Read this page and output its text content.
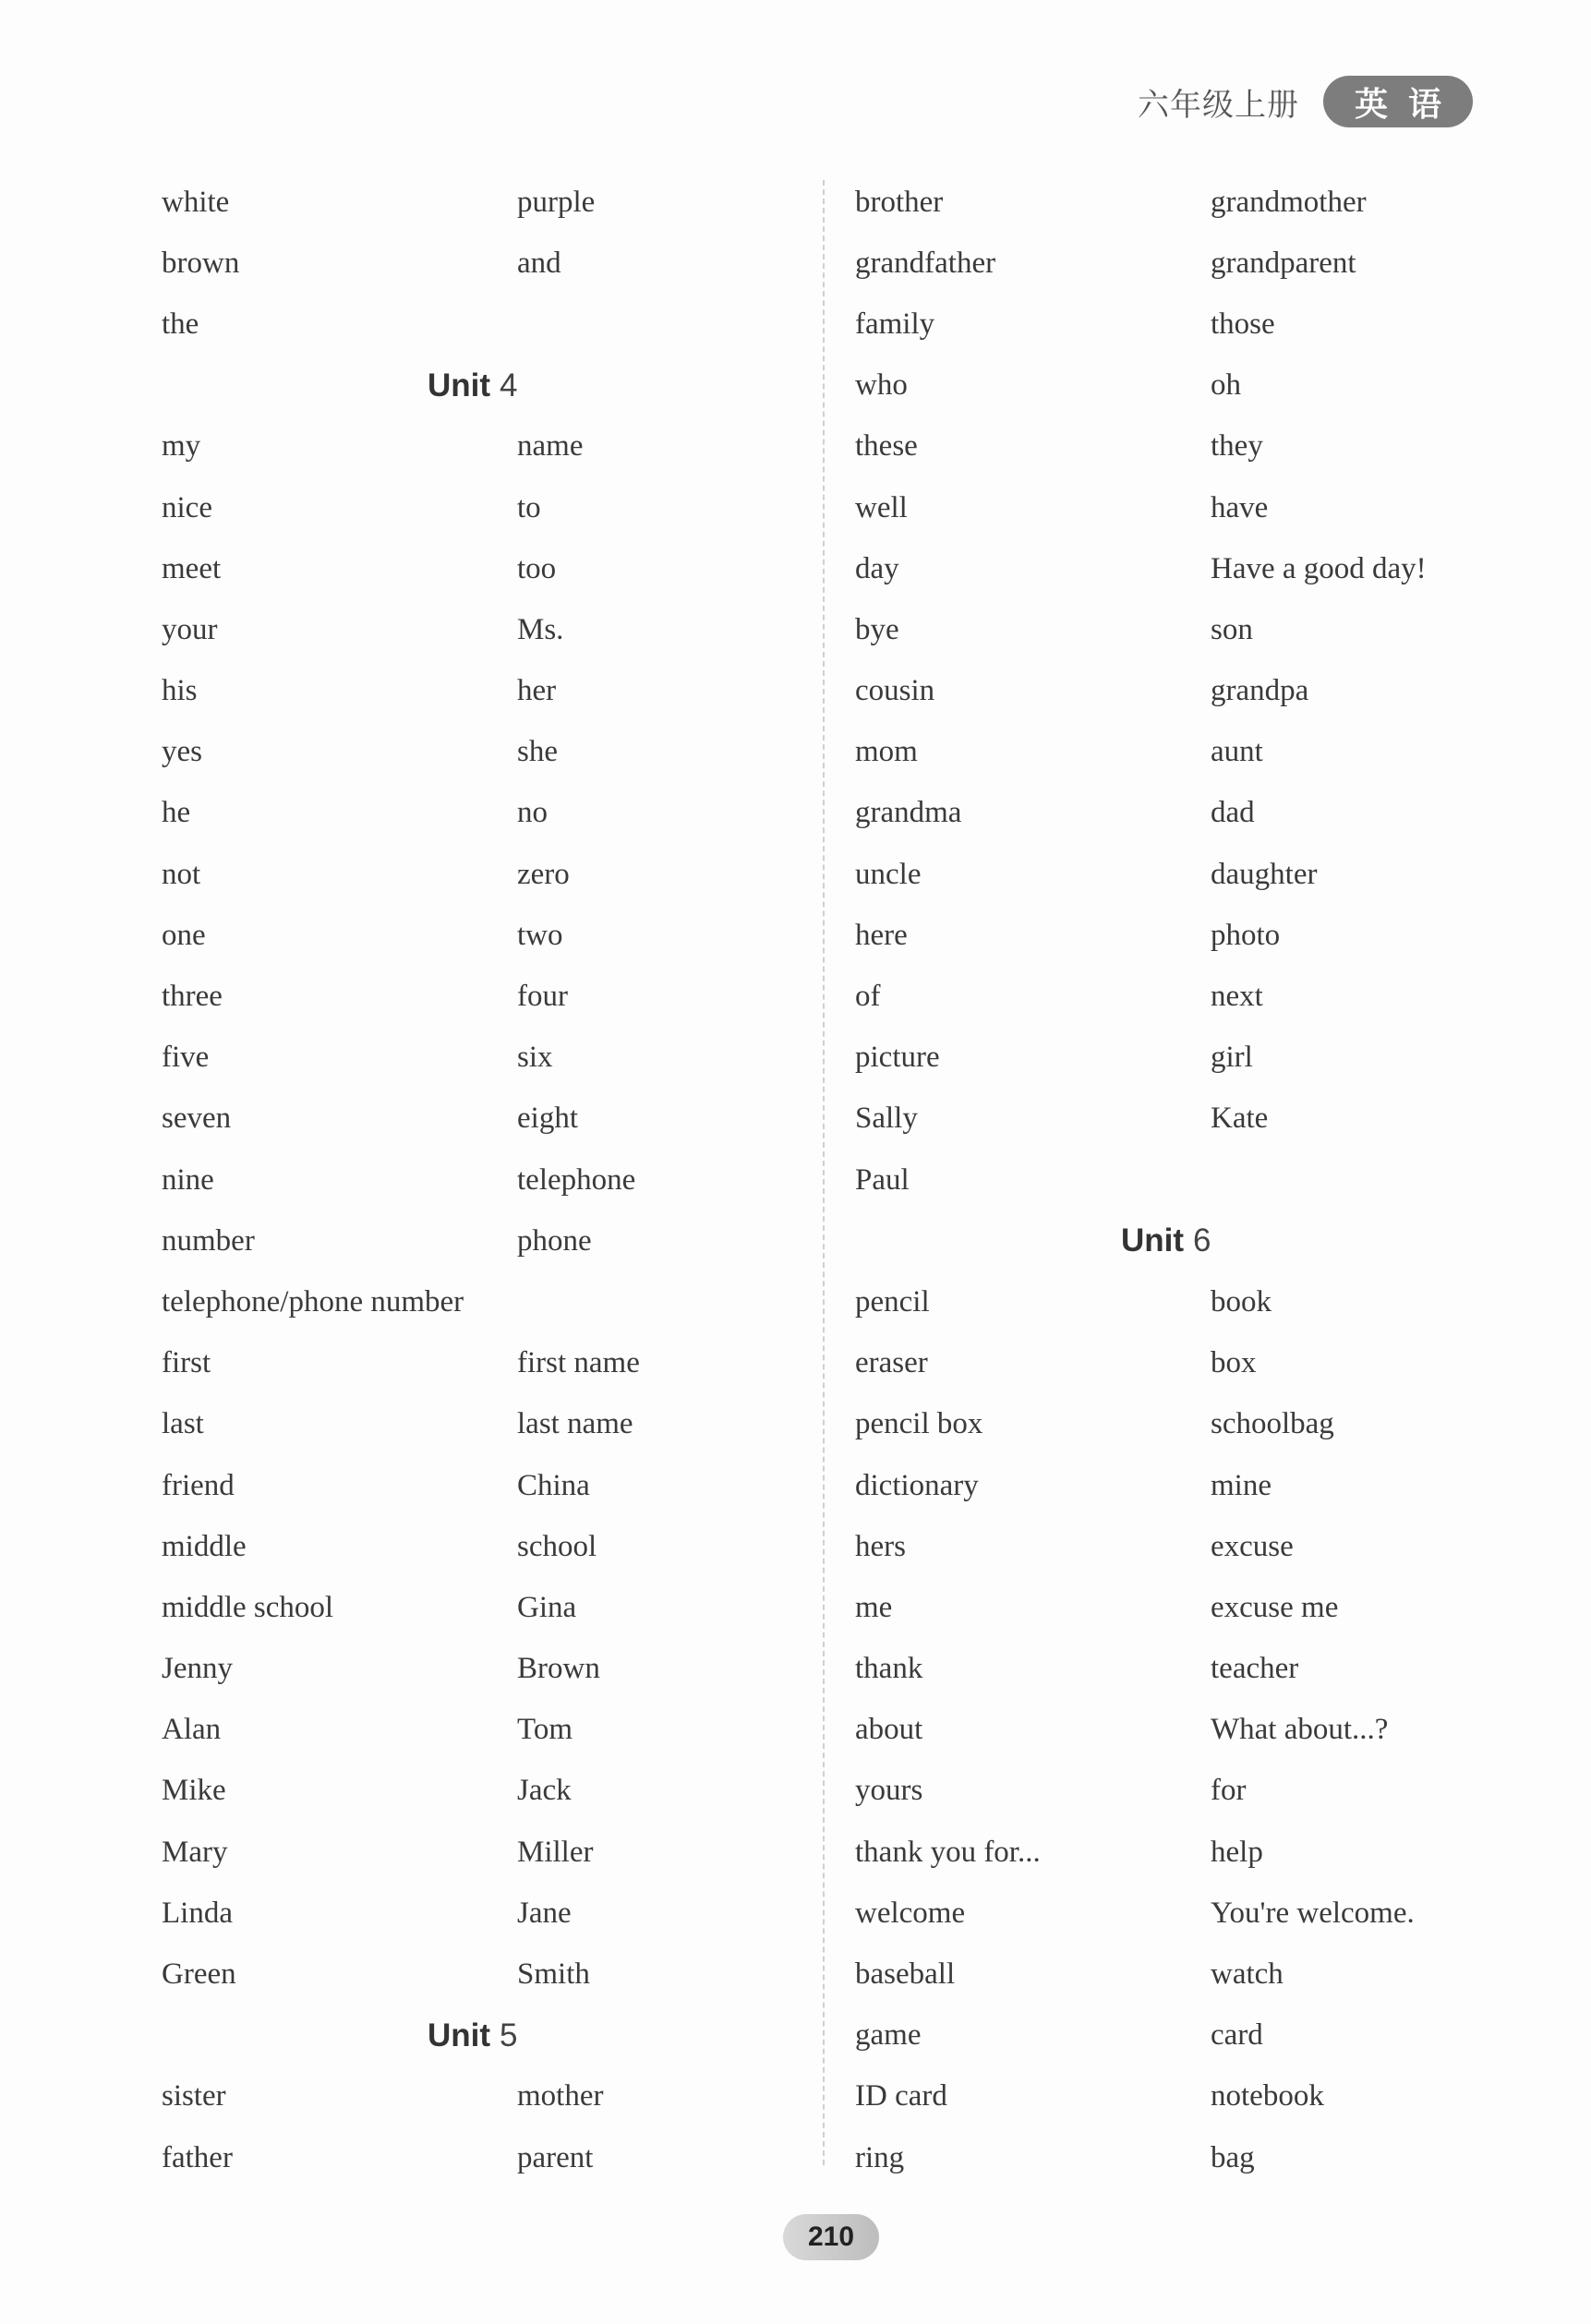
六年级上册	英语
white	purple
brown	and
the
Unit 4
my	name
nice	to
meet	too
your	Ms.
his	her
yes	she
he	no
not	zero
one	two
three	four
five	six
seven	eight
nine	telephone
number	phone
telephone/phone number
first	first name
last	last name
friend	China
middle	school
middle school	Gina
Jenny	Brown
Alan	Tom
Mike	Jack
Mary	Miller
Linda	Jane
Green	Smith
Unit 5
sister	mother
father	parent
brother	grandmother
grandfather	grandparent
family	those
who	oh
these	they
well	have
day	Have a good day!
bye	son
cousin	grandpa
mom	aunt
grandma	dad
uncle	daughter
here	photo
of	next
picture	girl
Sally	Kate
Paul
Unit 6
pencil	book
eraser	box
pencil box	schoolbag
dictionary	mine
hers	excuse
me	excuse me
thank	teacher
about	What about...?
yours	for
thank you for...	help
welcome	You're welcome.
baseball	watch
game	card
ID card	notebook
ring	bag
210
